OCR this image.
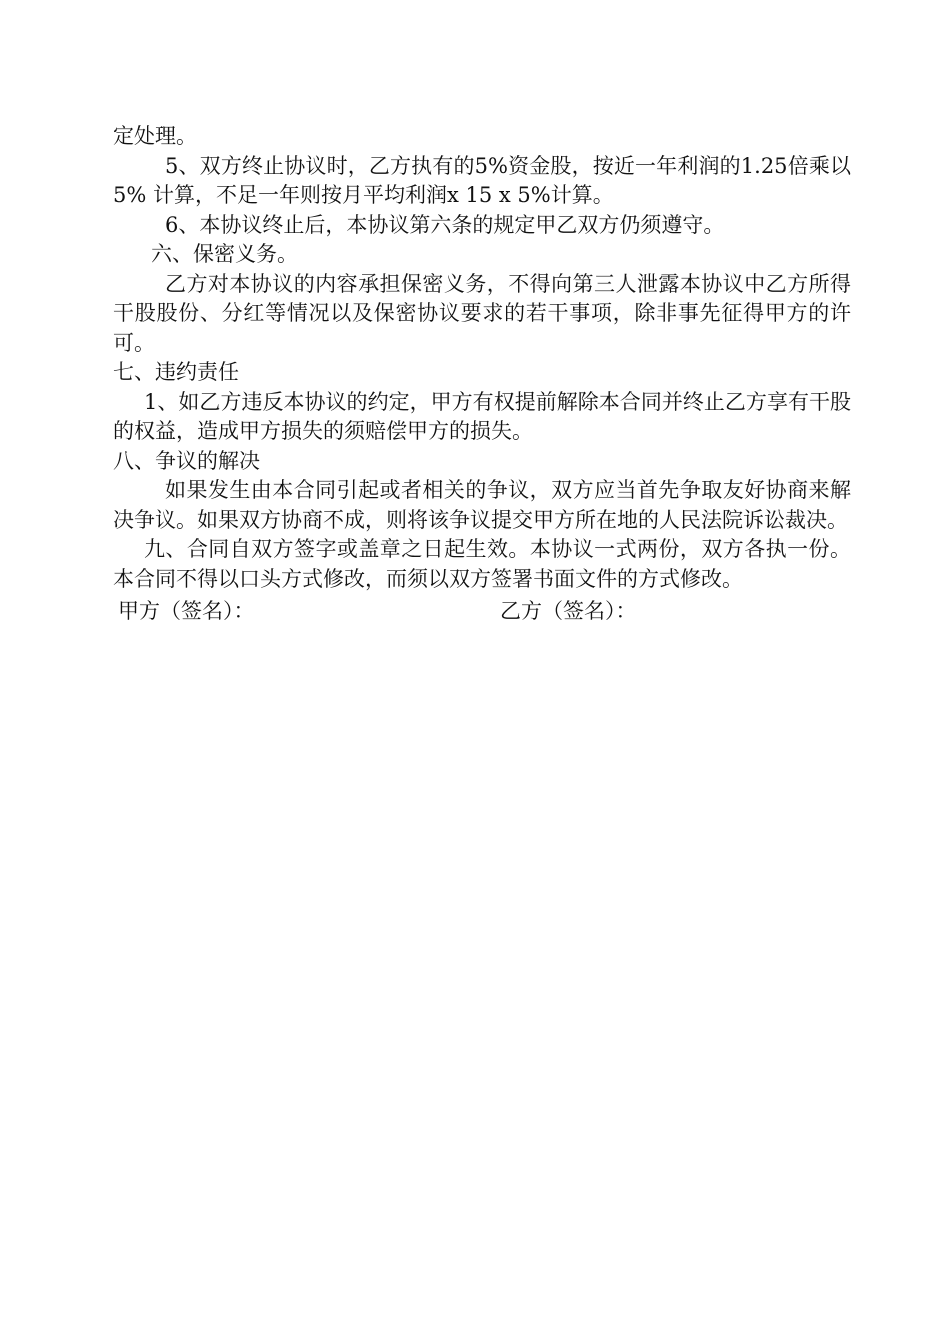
定处理。

5、双方终止协议时，乙方执有的5%资金股，按近一年利润的1.25倍乘以5% 计算，不足一年则按月平均利润x 15 x 5%计算。

6、本协议终止后，本协议第六条的规定甲乙双方仍须遵守。

六、保密义务。

乙方对本协议的内容承担保密义务，不得向第三人泄露本协议中乙方所得干股股份、分红等情况以及保密协议要求的若干事项，除非事先征得甲方的许可。

七、违约责任

1、如乙方违反本协议的约定，甲方有权提前解除本合同并终止乙方享有干股的权益，造成甲方损失的须赔偿甲方的损失。

八、争议的解决

如果发生由本合同引起或者相关的争议，双方应当首先争取友好协商来解决争议。如果双方协商不成，则将该争议提交甲方所在地的人民法院诉讼裁决。

九、合同自双方签字或盖章之日起生效。本协议一式两份，双方各执一份。本合同不得以口头方式修改，而须以双方签署书面文件的方式修改。

甲方（签名）：	乙方（签名）：
